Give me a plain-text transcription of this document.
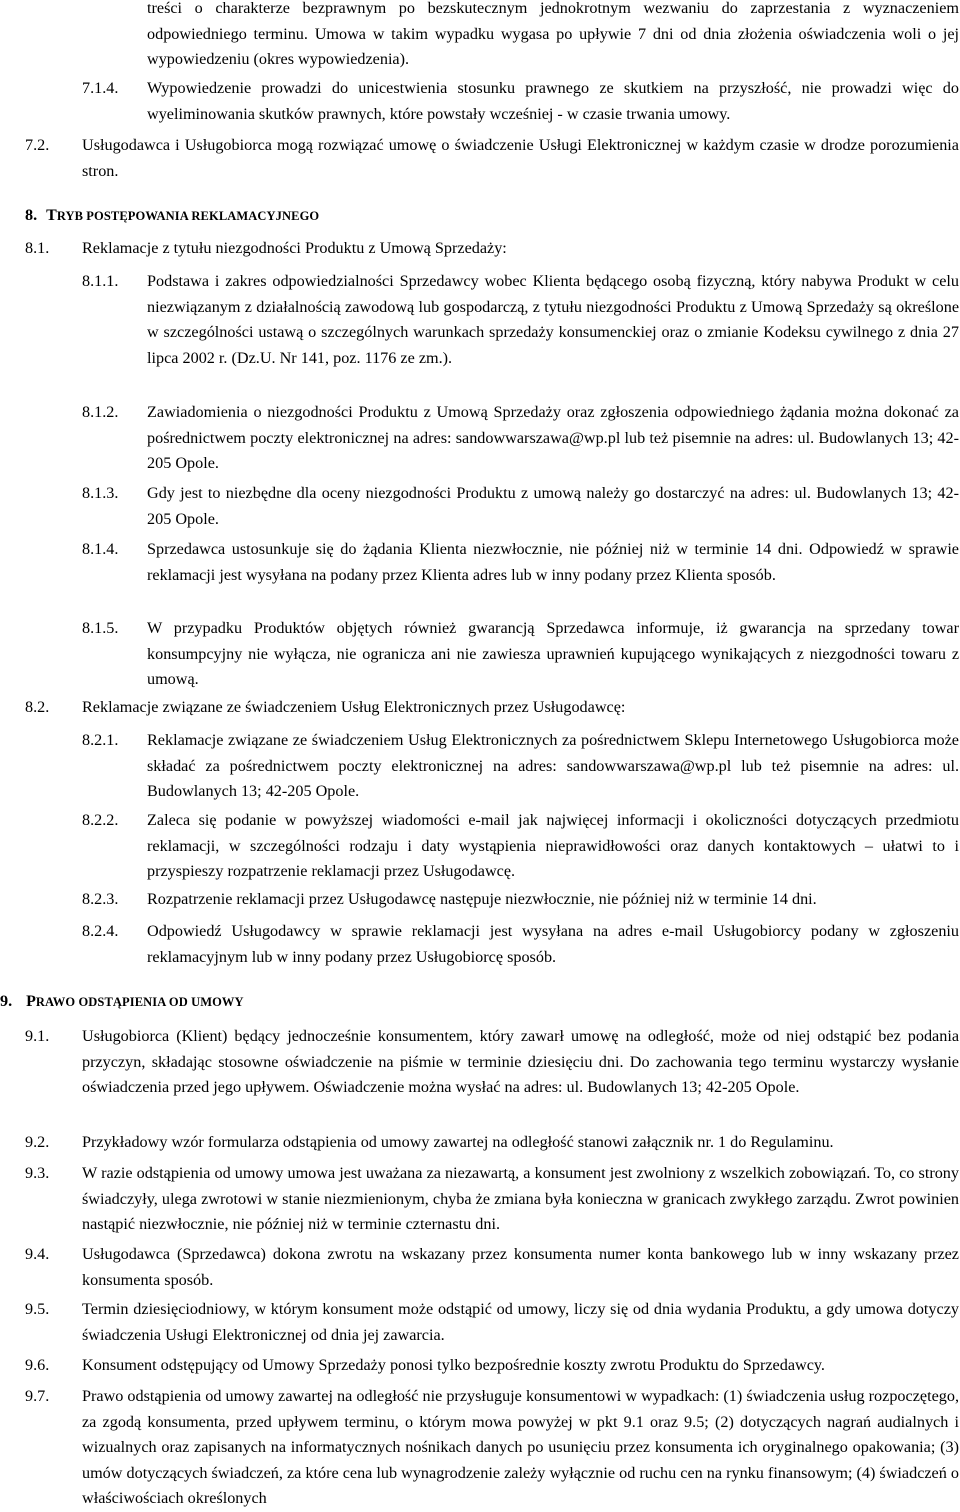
treści o charakterze bezprawnym po bezskutecznym jednokrotnym wezwaniu do zaprzestania z wyznaczeniem odpowiedniego terminu. Umowa w takim wypadku wygasa po upływie 7 dni od dnia złożenia oświadczenia woli o jej wypowiedzeniu (okres wypowiedzenia).

7.1.4. Wypowiedzenie prowadzi do unicestwienia stosunku prawnego ze skutkiem na przyszłość, nie prowadzi więc do wyeliminowania skutków prawnych, które powstały wcześniej - w czasie trwania umowy.

7.2. Usługodawca i Usługobiorca mogą rozwiązać umowę o świadczenie Usługi Elektronicznej w każdym czasie w drodze porozumienia stron.

8. TRYB POSTĘPOWANIA REKLAMACYJNEGO

8.1. Reklamacje z tytułu niezgodności Produktu z Umową Sprzedaży:

8.1.1. Podstawa i zakres odpowiedzialności Sprzedawcy wobec Klienta będącego osobą fizyczną, który nabywa Produkt w celu niezwiązanym z działalnością zawodową lub gospodarczą, z tytułu niezgodności Produktu z Umową Sprzedaży są określone w szczególności ustawą o szczególnych warunkach sprzedaży konsumenckiej oraz o zmianie Kodeksu cywilnego z dnia 27 lipca 2002 r. (Dz.U. Nr 141, poz. 1176 ze zm.).

8.1.2. Zawiadomienia o niezgodności Produktu z Umową Sprzedaży oraz zgłoszenia odpowiedniego żądania można dokonać za pośrednictwem poczty elektronicznej na adres: sandowwarszawa@wp.pl lub też pisemnie na adres: ul. Budowlanych 13; 42-205 Opole.

8.1.3. Gdy jest to niezbędne dla oceny niezgodności Produktu z umową należy go dostarczyć na adres: ul. Budowlanych 13; 42-205 Opole.

8.1.4. Sprzedawca ustosunkuje się do żądania Klienta niezwłocznie, nie później niż w terminie 14 dni. Odpowiedź w sprawie reklamacji jest wysyłana na podany przez Klienta adres lub w inny podany przez Klienta sposób.

8.1.5. W przypadku Produktów objętych również gwarancją Sprzedawca informuje, iż gwarancja na sprzedany towar konsumpcyjny nie wyłącza, nie ogranicza ani nie zawiesza uprawnień kupującego wynikających z niezgodności towaru z umową.

8.2. Reklamacje związane ze świadczeniem Usług Elektronicznych przez Usługodawcę:

8.2.1. Reklamacje związane ze świadczeniem Usług Elektronicznych za pośrednictwem Sklepu Internetowego Usługobiorca może składać za pośrednictwem poczty elektronicznej na adres: sandowwarszawa@wp.pl lub też pisemnie na adres: ul. Budowlanych 13; 42-205 Opole.

8.2.2. Zaleca się podanie w powyższej wiadomości e-mail jak najwięcej informacji i okoliczności dotyczących przedmiotu reklamacji, w szczególności rodzaju i daty wystąpienia nieprawidłowości oraz danych kontaktowych – ułatwi to i przyspieszy rozpatrzenie reklamacji przez Usługodawcę.

8.2.3. Rozpatrzenie reklamacji przez Usługodawcę następuje niezwłocznie, nie później niż w terminie 14 dni.

8.2.4. Odpowiedź Usługodawcy w sprawie reklamacji jest wysyłana na adres e-mail Usługobiorcy podany w zgłoszeniu reklamacyjnym lub w inny podany przez Usługobiorcę sposób.

9. PRAWO ODSTĄPIENIA OD UMOWY

9.1. Usługobiorca (Klient) będący jednocześnie konsumentem, który zawarł umowę na odległość, może od niej odstąpić bez podania przyczyn, składając stosowne oświadczenie na piśmie w terminie dziesięciu dni. Do zachowania tego terminu wystarczy wysłanie oświadczenia przed jego upływem. Oświadczenie można wysłać na adres: ul. Budowlanych 13; 42-205 Opole.

9.2. Przykładowy wzór formularza odstąpienia od umowy zawartej na odległość stanowi załącznik nr. 1 do Regulaminu.

9.3. W razie odstąpienia od umowy umowa jest uważana za niezawartą, a konsument jest zwolniony z wszelkich zobowiązań. To, co strony świadczyły, ulega zwrotowi w stanie niezmienionym, chyba że zmiana była konieczna w granicach zwykłego zarządu. Zwrot powinien nastąpić niezwłocznie, nie później niż w terminie czternastu dni.

9.4. Usługodawca (Sprzedawca) dokona zwrotu na wskazany przez konsumenta numer konta bankowego lub w inny wskazany przez konsumenta sposób.

9.5. Termin dziesięciodniowy, w którym konsument może odstąpić od umowy, liczy się od dnia wydania Produktu, a gdy umowa dotyczy świadczenia Usługi Elektronicznej od dnia jej zawarcia.

9.6. Konsument odstępujący od Umowy Sprzedaży ponosi tylko bezpośrednie koszty zwrotu Produktu do Sprzedawcy.

9.7. Prawo odstąpienia od umowy zawartej na odległość nie przysługuje konsumentowi w wypadkach: (1) świadczenia usług rozpoczętego, za zgodą konsumenta, przed upływem terminu, o którym mowa powyżej w pkt 9.1 oraz 9.5; (2) dotyczących nagrań audialnych i wizualnych oraz zapisanych na informatycznych nośnikach danych po usunięciu przez konsumenta ich oryginalnego opakowania; (3) umów dotyczących świadczeń, za które cena lub wynagrodzenie zależy wyłącznie od ruchu cen na rynku finansowym; (4) świadczeń o właściwościach określonych
